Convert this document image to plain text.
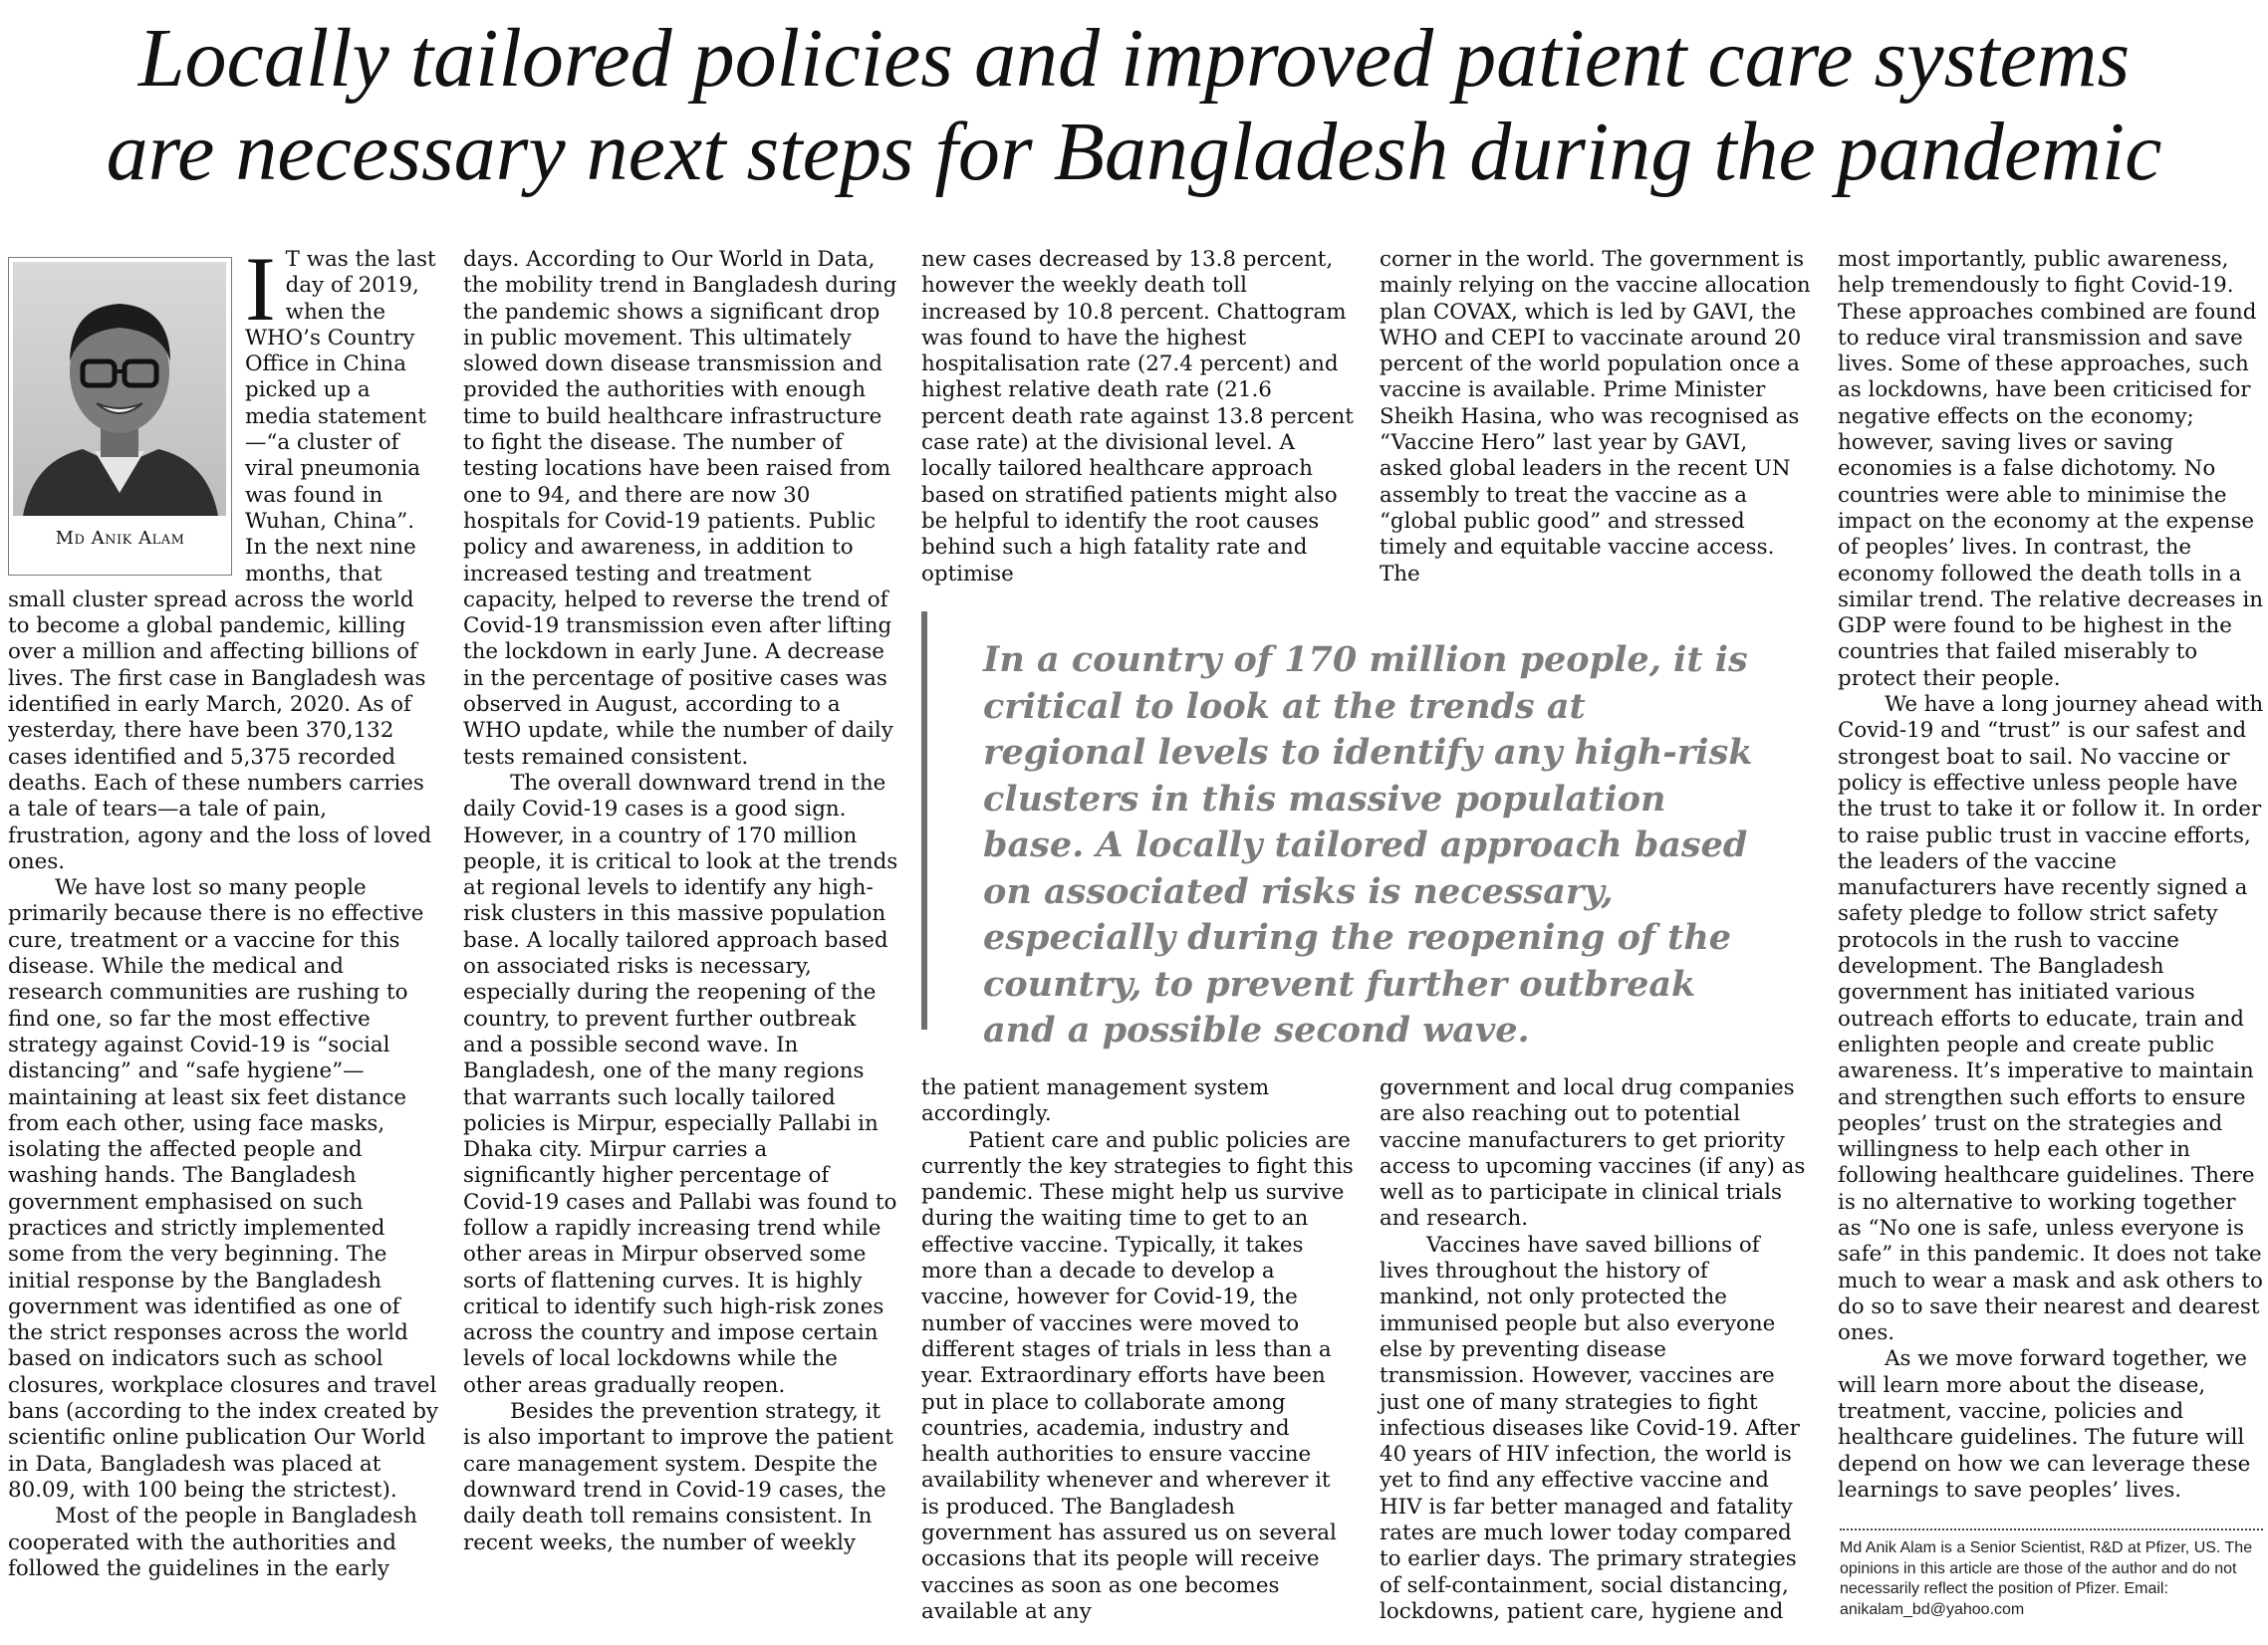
Locally tailored policies and improved patient care systems
are necessary next steps for Bangladesh during the pandemic
Md Anik Alam

I T was the last day of 2019, when the WHO’s Country Office in China picked up a media statement—“a cluster of viral pneumonia was found in Wuhan, China”. In the next nine months, that small cluster spread across the world to become a global pandemic, killing over a million and affecting billions of lives. The first case in Bangladesh was identified in early March, 2020. As of yesterday, there have been 370,132 cases identified and 5,375 recorded deaths. Each of these numbers carries a tale of tears—a tale of pain, frustration, agony and the loss of loved ones.

We have lost so many people primarily because there is no effective cure, treatment or a vaccine for this disease. While the medical and research communities are rushing to find one, so far the most effective strategy against Covid-19 is “social distancing” and “safe hygiene”—maintaining at least six feet distance from each other, using face masks, isolating the affected people and washing hands. The Bangladesh government emphasised on such practices and strictly implemented some from the very beginning. The initial response by the Bangladesh government was identified as one of the strict responses across the world based on indicators such as school closures, workplace closures and travel bans (according to the index created by scientific online publication Our World in Data, Bangladesh was placed at 80.09, with 100 being the strictest).

Most of the people in Bangladesh cooperated with the authorities and followed the guidelines in the early

days. According to Our World in Data, the mobility trend in Bangladesh during the pandemic shows a significant drop in public movement. This ultimately slowed down disease transmission and provided the authorities with enough time to build healthcare infrastructure to fight the disease. The number of testing locations have been raised from one to 94, and there are now 30 hospitals for Covid-19 patients. Public policy and awareness, in addition to increased testing and treatment capacity, helped to reverse the trend of Covid-19 transmission even after lifting the lockdown in early June. A decrease in the percentage of positive cases was observed in August, according to a WHO update, while the number of daily tests remained consistent.

The overall downward trend in the daily Covid-19 cases is a good sign. However, in a country of 170 million people, it is critical to look at the trends at regional levels to identify any high-risk clusters in this massive population base. A locally tailored approach based on associated risks is necessary, especially during the reopening of the country, to prevent further outbreak and a possible second wave. In Bangladesh, one of the many regions that warrants such locally tailored policies is Mirpur, especially Pallabi in Dhaka city. Mirpur carries a significantly higher percentage of Covid-19 cases and Pallabi was found to follow a rapidly increasing trend while other areas in Mirpur observed some sorts of flattening curves. It is highly critical to identify such high-risk zones across the country and impose certain levels of local lockdowns while the other areas gradually reopen.

Besides the prevention strategy, it is also important to improve the patient care management system. Despite the downward trend in Covid-19 cases, the daily death toll remains consistent. In recent weeks, the number of weekly

new cases decreased by 13.8 percent, however the weekly death toll increased by 10.8 percent. Chattogram was found to have the highest hospitalisation rate (27.4 percent) and highest relative death rate (21.6 percent death rate against 13.8 percent case rate) at the divisional level. A locally tailored healthcare approach based on stratified patients might also be helpful to identify the root causes behind such a high fatality rate and optimise

corner in the world. The government is mainly relying on the vaccine allocation plan COVAX, which is led by GAVI, the WHO and CEPI to vaccinate around 20 percent of the world population once a vaccine is available. Prime Minister Sheikh Hasina, who was recognised as “Vaccine Hero” last year by GAVI, asked global leaders in the recent UN assembly to treat the vaccine as a “global public good” and stressed timely and equitable vaccine access. The

In a country of 170 million people, it is critical to look at the trends at regional levels to identify any high-risk clusters in this massive population base. A locally tailored approach based on associated risks is necessary, especially during the reopening of the country, to prevent further outbreak and a possible second wave.

the patient management system accordingly.

Patient care and public policies are currently the key strategies to fight this pandemic. These might help us survive during the waiting time to get to an effective vaccine. Typically, it takes more than a decade to develop a vaccine, however for Covid-19, the number of vaccines were moved to different stages of trials in less than a year. Extraordinary efforts have been put in place to collaborate among countries, academia, industry and health authorities to ensure vaccine availability whenever and wherever it is produced. The Bangladesh government has assured us on several occasions that its people will receive vaccines as soon as one becomes available at any

government and local drug companies are also reaching out to potential vaccine manufacturers to get priority access to upcoming vaccines (if any) as well as to participate in clinical trials and research.

Vaccines have saved billions of lives throughout the history of mankind, not only protected the immunised people but also everyone else by preventing disease transmission. However, vaccines are just one of many strategies to fight infectious diseases like Covid-19. After 40 years of HIV infection, the world is yet to find any effective vaccine and HIV is far better managed and fatality rates are much lower today compared to earlier days. The primary strategies of self-containment, social distancing, lockdowns, patient care, hygiene and

most importantly, public awareness, help tremendously to fight Covid-19. These approaches combined are found to reduce viral transmission and save lives. Some of these approaches, such as lockdowns, have been criticised for negative effects on the economy; however, saving lives or saving economies is a false dichotomy. No countries were able to minimise the impact on the economy at the expense of peoples’ lives. In contrast, the economy followed the death tolls in a similar trend. The relative decreases in GDP were found to be highest in the countries that failed miserably to protect their people.

We have a long journey ahead with Covid-19 and “trust” is our safest and strongest boat to sail. No vaccine or policy is effective unless people have the trust to take it or follow it. In order to raise public trust in vaccine efforts, the leaders of the vaccine manufacturers have recently signed a safety pledge to follow strict safety protocols in the rush to vaccine development. The Bangladesh government has initiated various outreach efforts to educate, train and enlighten people and create public awareness. It’s imperative to maintain and strengthen such efforts to ensure peoples’ trust on the strategies and willingness to help each other in following healthcare guidelines. There is no alternative to working together as “No one is safe, unless everyone is safe” in this pandemic. It does not take much to wear a mask and ask others to do so to save their nearest and dearest ones.

As we move forward together, we will learn more about the disease, treatment, vaccine, policies and healthcare guidelines. The future will depend on how we can leverage these learnings to save peoples’ lives.

Md Anik Alam is a Senior Scientist, R&D at Pfizer, US. The opinions in this article are those of the author and do not necessarily reflect the position of Pfizer. Email: anikalam_bd@yahoo.com
